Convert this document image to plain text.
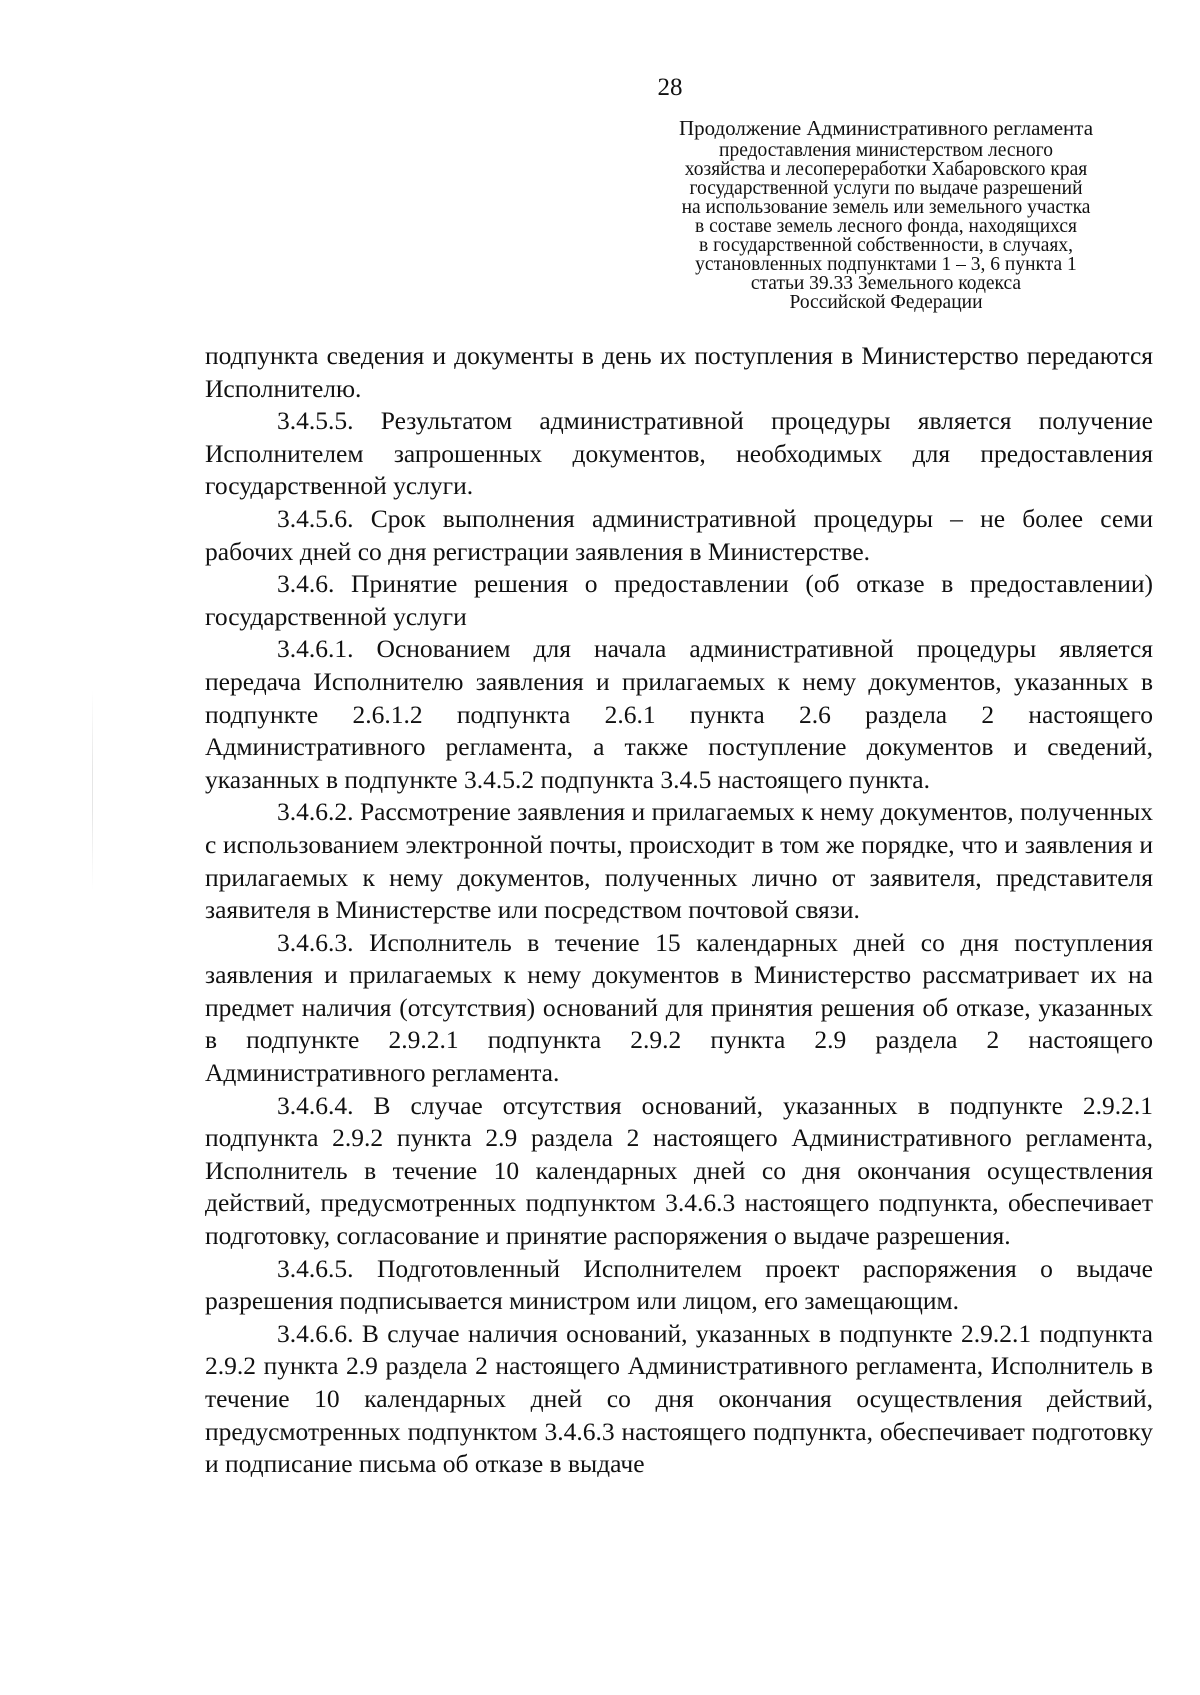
28
Продолжение Административного регламента
предоставления министерством лесного
хозяйства и лесопереработки Хабаровского края
государственной услуги по выдаче разрешений
на использование земель или земельного участка
в составе земель лесного фонда, находящихся
в государственной собственности, в случаях,
установленных подпунктами 1 – 3, 6 пункта 1
статьи 39.33 Земельного кодекса
Российской Федерации

подпункта сведения и документы в день их поступления в Министерство передаются Исполнителю.

3.4.5.5. Результатом административной процедуры является получение Исполнителем запрошенных документов, необходимых для предоставления государственной услуги.

3.4.5.6. Срок выполнения административной процедуры – не более семи рабочих дней со дня регистрации заявления в Министерстве.

3.4.6. Принятие решения о предоставлении (об отказе в предоставлении) государственной услуги

3.4.6.1. Основанием для начала административной процедуры является передача Исполнителю заявления и прилагаемых к нему документов, указанных в подпункте 2.6.1.2 подпункта 2.6.1 пункта 2.6 раздела 2 настоящего Административного регламента, а также поступление документов и сведений, указанных в подпункте 3.4.5.2 подпункта 3.4.5 настоящего пункта.

3.4.6.2. Рассмотрение заявления и прилагаемых к нему документов, полученных с использованием электронной почты, происходит в том же порядке, что и заявления и прилагаемых к нему документов, полученных лично от заявителя, представителя заявителя в Министерстве или посредством почтовой связи.

3.4.6.3. Исполнитель в течение 15 календарных дней со дня поступления заявления и прилагаемых к нему документов в Министерство рассматривает их на предмет наличия (отсутствия) оснований для принятия решения об отказе, указанных в подпункте 2.9.2.1 подпункта 2.9.2 пункта 2.9 раздела 2 настоящего Административного регламента.

3.4.6.4. В случае отсутствия оснований, указанных в подпункте 2.9.2.1 подпункта 2.9.2 пункта 2.9 раздела 2 настоящего Административного регламента, Исполнитель в течение 10 календарных дней со дня окончания осуществления действий, предусмотренных подпунктом 3.4.6.3 настоящего подпункта, обеспечивает подготовку, согласование и принятие распоряжения о выдаче разрешения.

3.4.6.5. Подготовленный Исполнителем проект распоряжения о выдаче разрешения подписывается министром или лицом, его замещающим.

3.4.6.6. В случае наличия оснований, указанных в подпункте 2.9.2.1 подпункта 2.9.2 пункта 2.9 раздела 2 настоящего Административного регламента, Исполнитель в течение 10 календарных дней со дня окончания осуществления действий, предусмотренных подпунктом 3.4.6.3 настоящего подпункта, обеспечивает подготовку и подписание письма об отказе в выдаче
